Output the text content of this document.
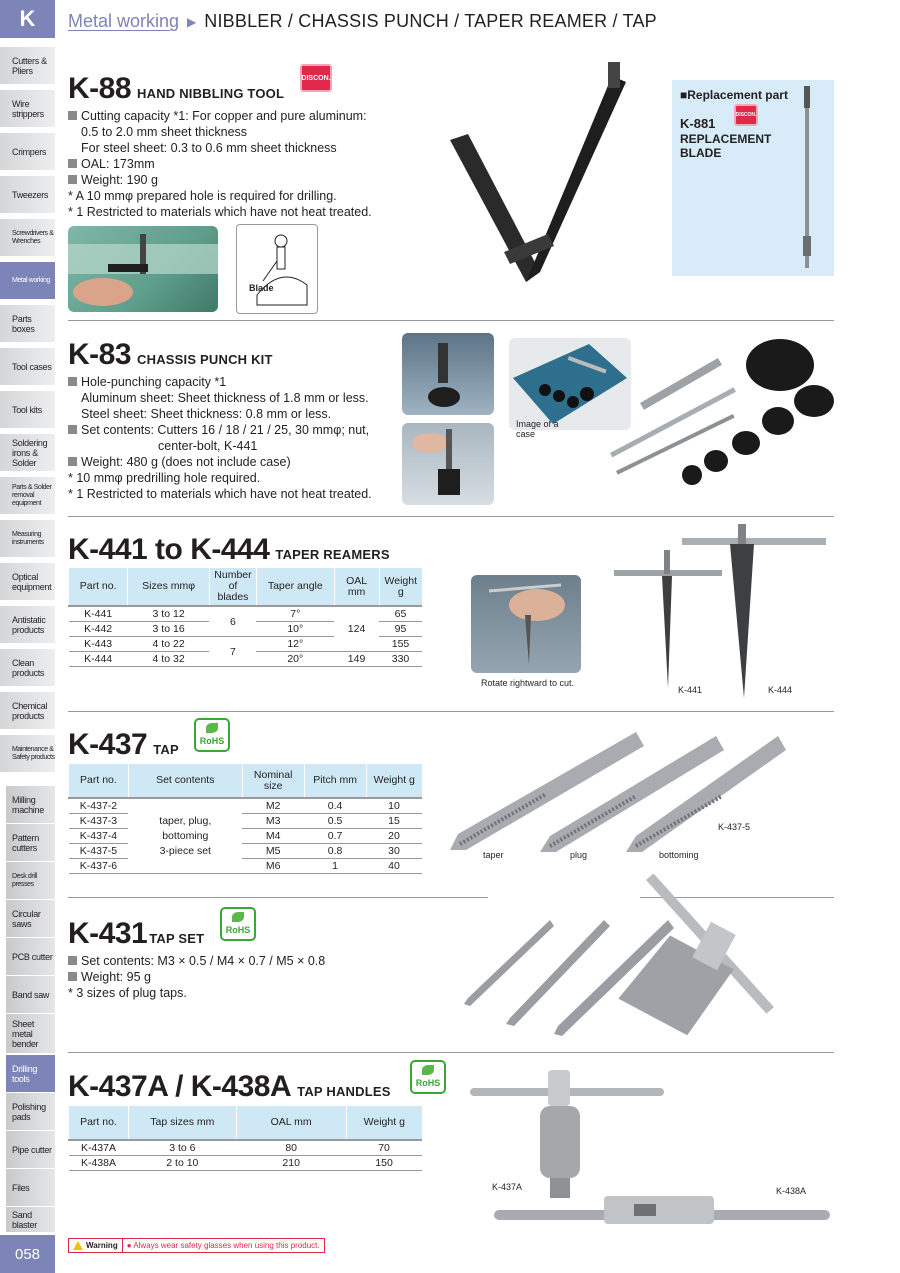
K
Cutters & Pliers
Wire strippers
Crimpers
Tweezers
Screwdrivers & Wrenches
Metal working
Parts boxes
Tool cases
Tool kits
Soldering irons & Solder
Parts & Solder removal equipment
Measuring instruments
Optical equipment
Antistatic products
Clean products
Chemical products
Maintenance & Safety products
Milling machine
Pattern cutters
Desk drill presses
Circular saws
PCB cutter
Band saw
Sheet metal bender
Drilling tools
Polishing pads
Pipe cutter
Files
Sand blaster
058
Metal working ▶ NIBBLER / CHASSIS PUNCH / TAPER REAMER / TAP
K-88 HAND NIBBLING TOOL
DISCON.
Cutting capacity *1: For copper and pure aluminum:
0.5 to 2.0 mm sheet thickness
For steel sheet: 0.3 to 0.6 mm sheet thickness
OAL: 173mm
Weight: 190 g
* A 10 mmφ prepared hole is required for drilling.
* 1 Restricted to materials which have not heat treated.
Blade
■Replacement part
DISCON.
K-881
REPLACEMENT
BLADE
K-83 CHASSIS PUNCH KIT
Hole-punching capacity *1
Aluminum sheet: Sheet thickness of 1.8 mm or less.
Steel sheet: Sheet thickness: 0.8 mm or less.
Set contents: Cutters 16 / 18 / 21 / 25, 30 mmφ; nut,
center-bolt, K-441
Weight: 480 g (does not include case)
* 10 mmφ predrilling hole required.
* 1 Restricted to materials which have not heat treated.
Image of a
case
K-441 to K-444 TAPER REAMERS
Part no.	Sizes mmφ	Number of blades	Taper angle	OAL mm	Weight g
K-441	3 to 12	6	7°	124	65
K-442	3 to 16		10°		95
K-443	4 to 22	7	12°		155
K-444	4 to 32		20°	149	330
Rotate rightward to cut.
K-441	K-444
K-437 TAP
RoHS
Part no.	Set contents	Nominal size	Pitch mm	Weight g
K-437-2	taper, plug,
bottoming
3-piece set	M2	0.4	10
K-437-3		M3	0.5	15
K-437-4		M4	0.7	20
K-437-5		M5	0.8	30
K-437-6		M6	1	40
taper	plug	bottoming
K-437-5
K-431 TAP SET
RoHS
Set contents: M3 × 0.5 / M4 × 0.7 / M5 × 0.8
Weight: 95 g
* 3 sizes of plug taps.
K-437A / K-438A TAP HANDLES
RoHS
Part no.	Tap sizes mm	OAL mm	Weight g
K-437A	3 to 6	80	70
K-438A	2 to 10	210	150
K-437A	K-438A
Warning	● Always wear safety glasses when using this product.
